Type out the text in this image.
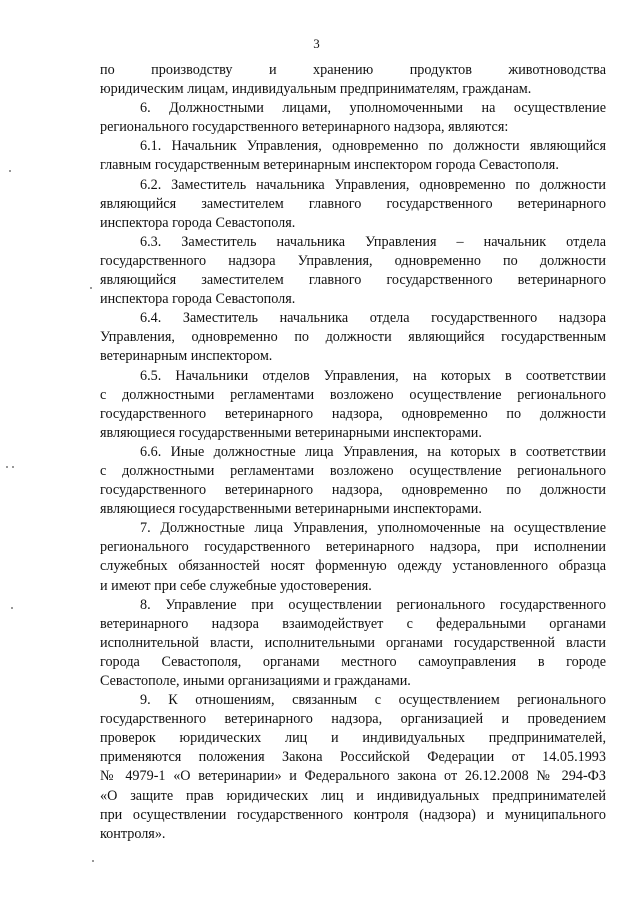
3
по производству и хранению продуктов животноводства
юридическим лицам, индивидуальным предпринимателям, гражданам.
6. Должностными лицами, уполномоченными на осуществление
регионального государственного ветеринарного надзора, являются:
6.1. Начальник Управления, одновременно по должности являющийся
главным государственным ветеринарным инспектором города Севастополя.
6.2. Заместитель начальника Управления, одновременно по должности
являющийся заместителем главного государственного ветеринарного
инспектора города Севастополя.
6.3. Заместитель начальника Управления – начальник отдела
государственного надзора Управления, одновременно по должности
являющийся заместителем главного государственного ветеринарного
инспектора города Севастополя.
6.4. Заместитель начальника отдела государственного надзора
Управления, одновременно по должности являющийся государственным
ветеринарным инспектором.
6.5. Начальники отделов Управления, на которых в соответствии
с должностными регламентами возложено осуществление регионального
государственного ветеринарного надзора, одновременно по должности
являющиеся государственными ветеринарными инспекторами.
6.6. Иные должностные лица Управления, на которых в соответствии
с должностными регламентами возложено осуществление регионального
государственного ветеринарного надзора, одновременно по должности
являющиеся государственными ветеринарными инспекторами.
7. Должностные лица Управления, уполномоченные на осуществление
регионального государственного ветеринарного надзора, при исполнении
служебных обязанностей носят форменную одежду установленного образца
и имеют при себе служебные удостоверения.
8. Управление при осуществлении регионального государственного
ветеринарного надзора взаимодействует с федеральными органами
исполнительной власти, исполнительными органами государственной власти
города Севастополя, органами местного самоуправления в городе
Севастополе, иными организациями и гражданами.
9. К отношениям, связанным с осуществлением регионального
государственного ветеринарного надзора, организацией и проведением
проверок юридических лиц и индивидуальных предпринимателей,
применяются положения Закона Российской Федерации от 14.05.1993
№ 4979-1 «О ветеринарии» и Федерального закона от 26.12.2008 № 294-ФЗ
«О защите прав юридических лиц и индивидуальных предпринимателей
при осуществлении государственного контроля (надзора) и муниципального
контроля».
